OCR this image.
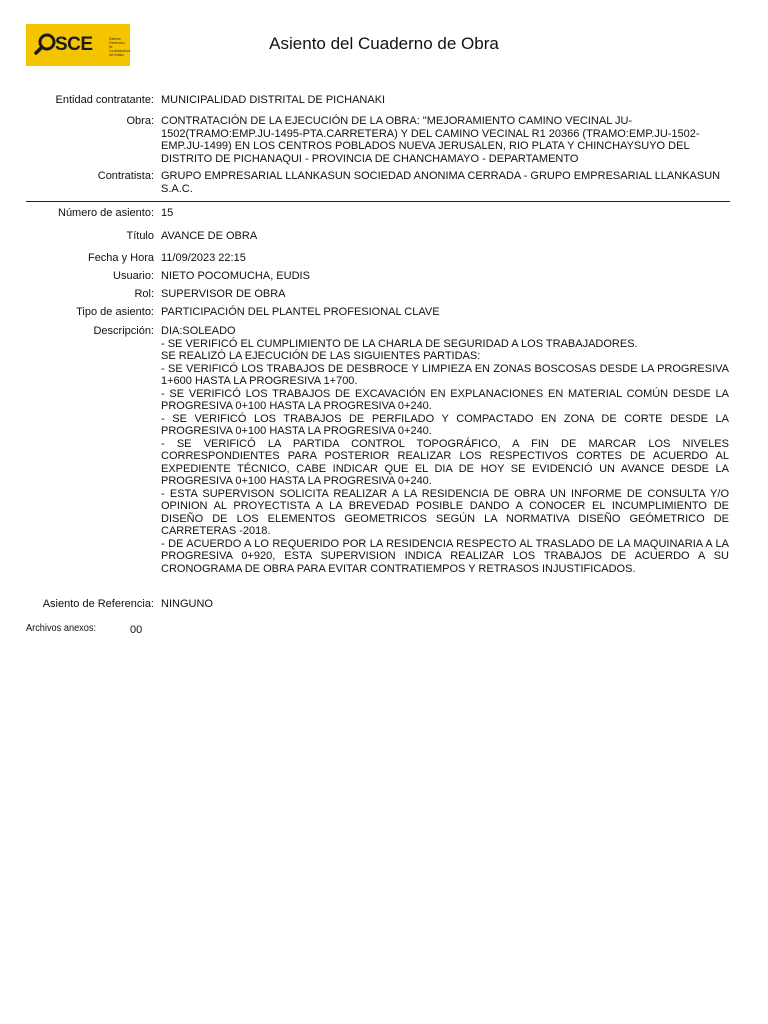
SCE	Sistema Electrónico de Contrataciones del Estado
Asiento del Cuaderno de Obra
Entidad contratante: MUNICIPALIDAD DISTRITAL DE PICHANAKI
Obra: CONTRATACIÓN DE LA EJECUCIÓN DE LA OBRA: "MEJORAMIENTO CAMINO VECINAL JU-1502(TRAMO:EMP.JU-1495-PTA.CARRETERA) Y DEL CAMINO VECINAL R1 20366 (TRAMO:EMP.JU-1502-EMP.JU-1499) EN LOS CENTROS POBLADOS NUEVA JERUSALEN, RIO PLATA Y CHINCHAYSUYO DEL DISTRITO DE PICHANAQUI - PROVINCIA DE CHANCHAMAYO - DEPARTAMENTO
Contratista: GRUPO EMPRESARIAL LLANKASUN SOCIEDAD ANONIMA CERRADA - GRUPO EMPRESARIAL LLANKASUN S.A.C.
Número de asiento: 15
Título AVANCE DE OBRA
Fecha y Hora 11/09/2023 22:15
Usuario: NIETO POCOMUCHA, EUDIS
Rol: SUPERVISOR DE OBRA
Tipo de asiento: PARTICIPACIÓN DEL PLANTEL PROFESIONAL CLAVE
Descripción: DIA:SOLEADO
- SE VERIFICÓ EL CUMPLIMIENTO DE LA CHARLA DE SEGURIDAD A LOS TRABAJADORES.
SE REALIZÓ LA EJECUCIÓN DE LAS SIGUIENTES PARTIDAS:
- SE VERIFICÓ LOS TRABAJOS DE DESBROCE Y LIMPIEZA EN ZONAS BOSCOSAS DESDE LA PROGRESIVA 1+600 HASTA LA PROGRESIVA 1+700.
- SE VERIFICÓ LOS TRABAJOS DE EXCAVACIÓN EN EXPLANACIONES EN MATERIAL COMÚN DESDE LA PROGRESIVA 0+100 HASTA LA PROGRESIVA 0+240.
- SE VERIFICÓ LOS TRABAJOS DE PERFILADO Y COMPACTADO EN ZONA DE CORTE DESDE LA PROGRESIVA 0+100 HASTA LA PROGRESIVA 0+240.
- SE VERIFICÓ LA PARTIDA CONTROL TOPOGRÁFICO, A FIN DE MARCAR LOS NIVELES CORRESPONDIENTES PARA POSTERIOR REALIZAR LOS RESPECTIVOS CORTES DE ACUERDO AL EXPEDIENTE TÉCNICO, CABE INDICAR QUE EL DIA DE HOY SE EVIDENCIÓ UN AVANCE DESDE LA PROGRESIVA 0+100 HASTA LA PROGRESIVA 0+240.
- ESTA SUPERVISON SOLICITA REALIZAR A LA RESIDENCIA DE OBRA UN INFORME DE CONSULTA Y/O OPINION AL PROYECTISTA A LA BREVEDAD POSIBLE DANDO A CONOCER EL INCUMPLIMIENTO DE DISEÑO DE LOS ELEMENTOS GEOMETRICOS SEGÚN LA NORMATIVA DISEÑO GEÓMETRICO DE CARRETERAS -2018.
- DE ACUERDO A LO REQUERIDO POR LA RESIDENCIA RESPECTO AL TRASLADO DE LA MAQUINARIA A LA PROGRESIVA 0+920, ESTA SUPERVISION INDICA REALIZAR LOS TRABAJOS DE ACUERDO A SU CRONOGRAMA DE OBRA PARA EVITAR CONTRATIEMPOS Y RETRASOS INJUSTIFICADOS.
Asiento de Referencia: NINGUNO
Archivos anexos:	00
